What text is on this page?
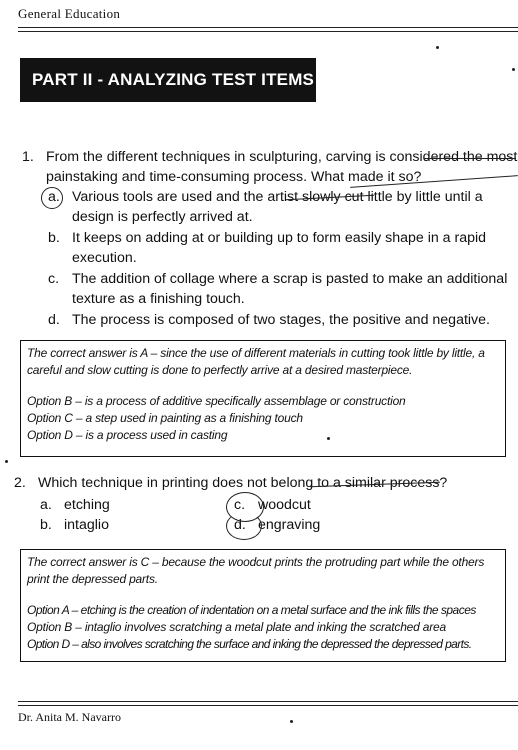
General Education
PART II - ANALYZING TEST ITEMS
1. From the different techniques in sculpturing, carving is considered the most painstaking and time-consuming process. What made it so?
a. Various tools are used and the artist slowly cut little by little until a design is perfectly arrived at.
b. It keeps on adding at or building up to form easily shape in a rapid execution.
c. The addition of collage where a scrap is pasted to make an additional texture as a finishing touch.
d. The process is composed of two stages, the positive and negative.

The correct answer is A – since the use of different materials in cutting took little by little, a careful and slow cutting is done to perfectly arrive at a desired masterpiece.

Option B – is a process of additive specifically assemblage or construction

Option C – a step used in painting as a finishing touch

Option D – is a process used in casting

2. Which technique in printing does not belong to a similar process?
a. etching
b. intaglio
c. woodcut
d. engraving

The correct answer is C – because the woodcut prints the protruding part while the others print the depressed parts.

Option A – etching is the creation of indentation on a metal surface and the ink fills the spaces

Option B – intaglio involves scratching a metal plate and inking the scratched area

Option D – also involves scratching the surface and inking the depressed the depressed parts.

Dr. Anita M. Navarro
